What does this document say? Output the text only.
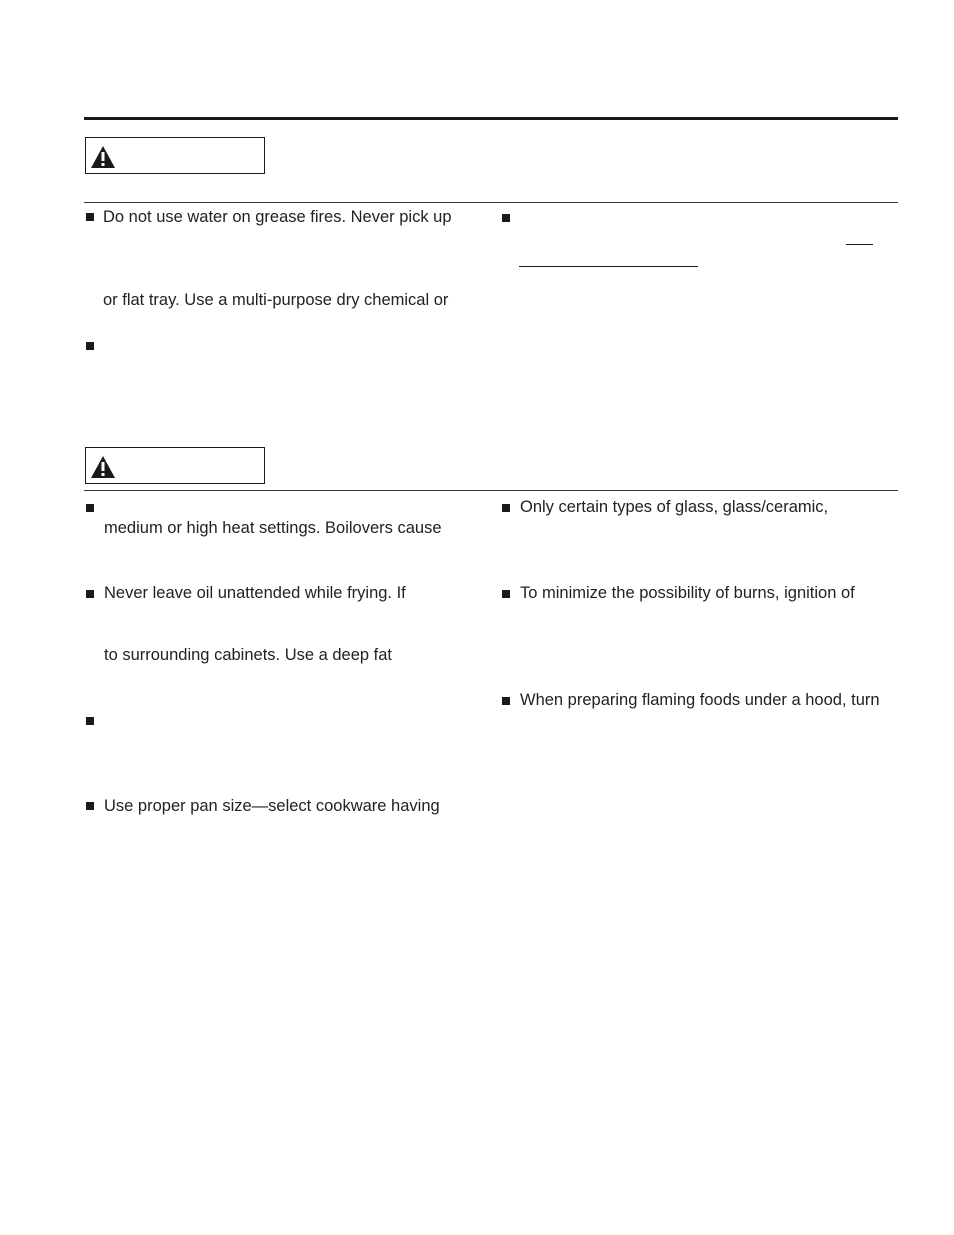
Do not use water on grease fires. Never pick up
or flat tray. Use a multi-purpose dry chemical or
medium or high heat settings. Boilovers cause
Never leave oil unattended while frying. If
to surrounding cabinets. Use a deep fat
Use proper pan size—select cookware having
Only certain types of glass, glass/ceramic,
To minimize the possibility of burns, ignition of
When preparing flaming foods under a hood, turn
